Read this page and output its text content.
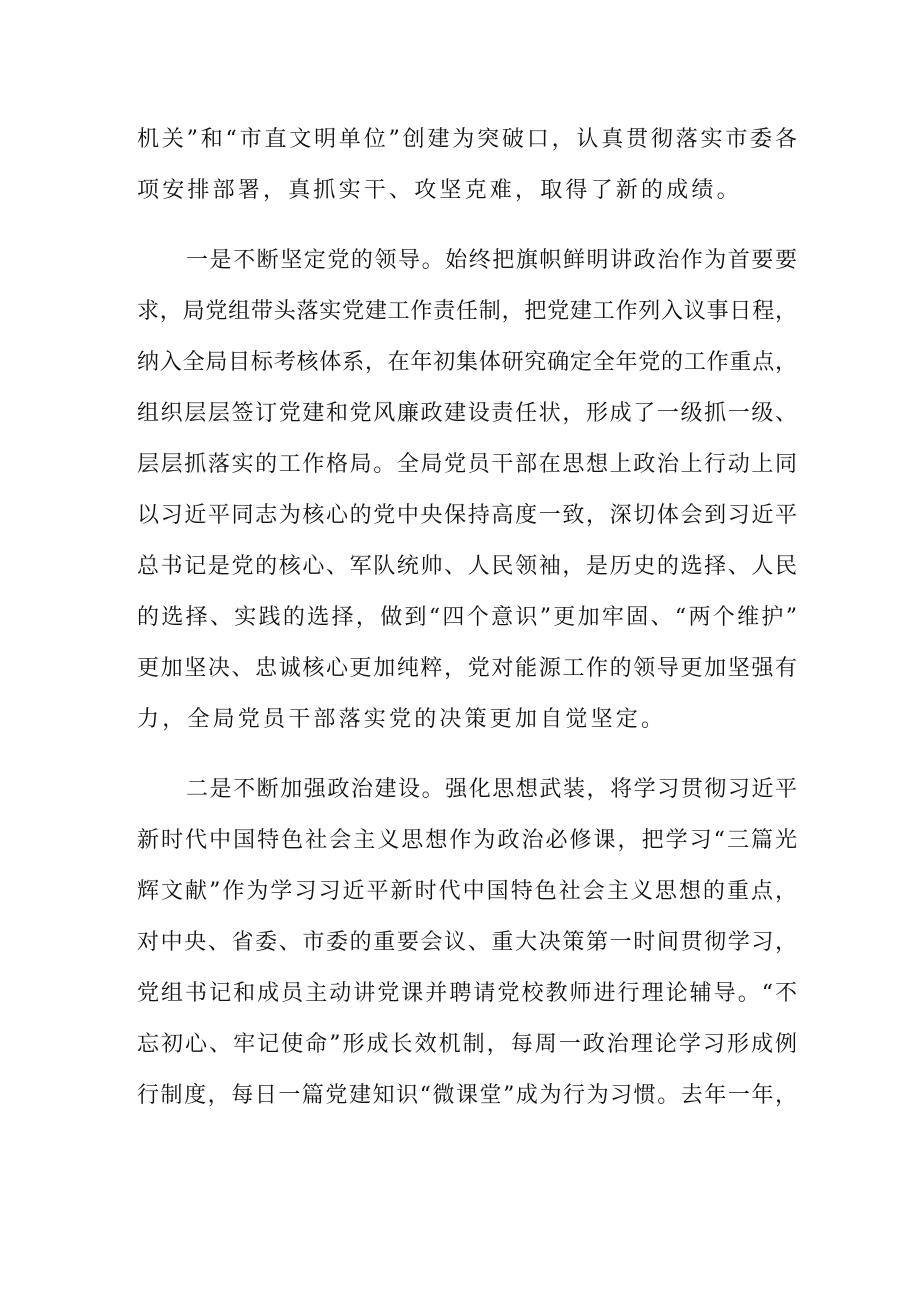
机关”和“市直文明单位”创建为突破口，认真贯彻落实市委各
项安排部署，真抓实干、攻坚克难，取得了新的成绩。
一是不断坚定党的领导。始终把旗帜鲜明讲政治作为首要要
求，局党组带头落实党建工作责任制，把党建工作列入议事日程，
纳入全局目标考核体系，在年初集体研究确定全年党的工作重点，
组织层层签订党建和党风廉政建设责任状，形成了一级抓一级、
层层抓落实的工作格局。全局党员干部在思想上政治上行动上同
以习近平同志为核心的党中央保持高度一致，深切体会到习近平
总书记是党的核心、军队统帅、人民领袖，是历史的选择、人民
的选择、实践的选择，做到“四个意识”更加牢固、“两个维护”
更加坚决、忠诚核心更加纯粹，党对能源工作的领导更加坚强有
力，全局党员干部落实党的决策更加自觉坚定。
二是不断加强政治建设。强化思想武装，将学习贯彻习近平
新时代中国特色社会主义思想作为政治必修课，把学习“三篇光
辉文献”作为学习习近平新时代中国特色社会主义思想的重点，
对中央、省委、市委的重要会议、重大决策第一时间贯彻学习，
党组书记和成员主动讲党课并聘请党校教师进行理论辅导。“不
忘初心、牢记使命”形成长效机制，每周一政治理论学习形成例
行制度，每日一篇党建知识“微课堂”成为行为习惯。去年一年，
